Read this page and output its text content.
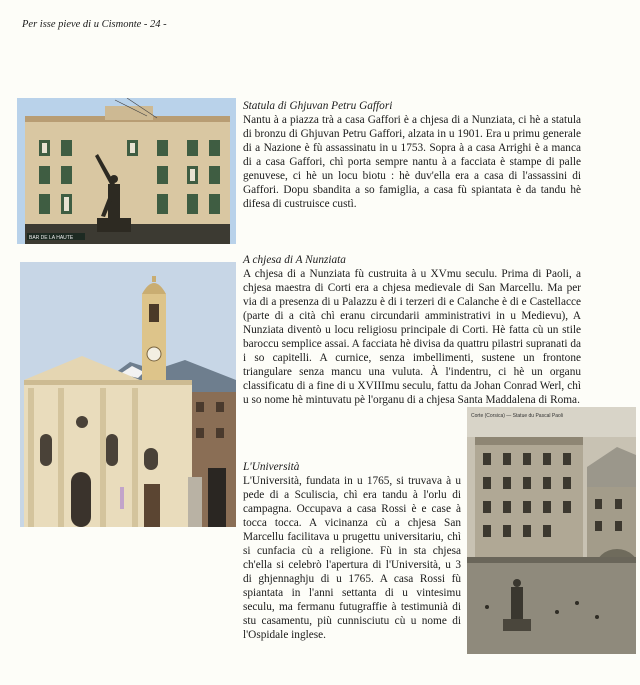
Per isse pieve di u Cismonte - 24 -
BAR DE LA HAUTE
Corte (Corsica) — Statue du Pascal Paoli
Statula di Ghjuvan Petru Gaffori

Nantu à a piazza trà a casa Gaffori è a chjesa di a Nunziata, ci hè a statula di bronzu di Ghjuvan Petru Gaffori, alzata in u 1901. Era u primu generale di a Nazione è fù assassinatu in u 1753. Sopra à a casa Arrighi è a manca di a casa Gaffori, chì porta sempre nantu à a facciata è stampe di palle genuvese, ci hè un locu biotu : hè duv'ella era a casa di l'assassini di Gaffori. Dopu sbandita a so famiglia, a casa fù spiantata è da tandu hè difesa di custruisce custì.

A chjesa di A Nunziata

A chjesa di a Nunziata fù custruita à u XVmu seculu. Prima di Paoli, a chjesa maestra di Corti era a chjesa medievale di San Marcellu. Ma per via di a presenza di u Palazzu è di i terzeri di e Calanche è di e Castellacce (parte di a cità chì eranu circundarii amministrativi in u Medievu), A Nunziata diventò u locu religiosu principale di Corti. Hè fatta cù un stile baroccu semplice assai. A facciata hè divisa da quattru pilastri supranati da i so capitelli. A curnice, senza imbellimenti, sustene un frontone triangulare senza mancu una vuluta. À l'indentru, ci hè un organu classificatu di a fine di u XVIIImu seculu, fattu da Johan Conrad Werl, chì u so nome hè mintuvatu pè l'organu di a chjesa Santa Maddalena di Roma.

L'Università

L'Università, fundata in u 1765, si truvava à u pede di a Sculiscia, chì era tandu à l'orlu di campagna. Occupava a casa Rossi è e case à tocca tocca. A vicinanza cù a chjesa San Marcellu facilitava u prugettu universitariu, chì si cunfacia cù a religione. Fù in sta chjesa ch'ella si celebrò l'apertura di l'Università, u 3 di ghjennaghju di u 1765. A casa Rossi fù spiantata in l'anni settanta di u vintesimu seculu, ma fermanu futugraffie à testimunià di stu casamentu, più cunnisciutu cù u nome di l'Ospidale inglese.
